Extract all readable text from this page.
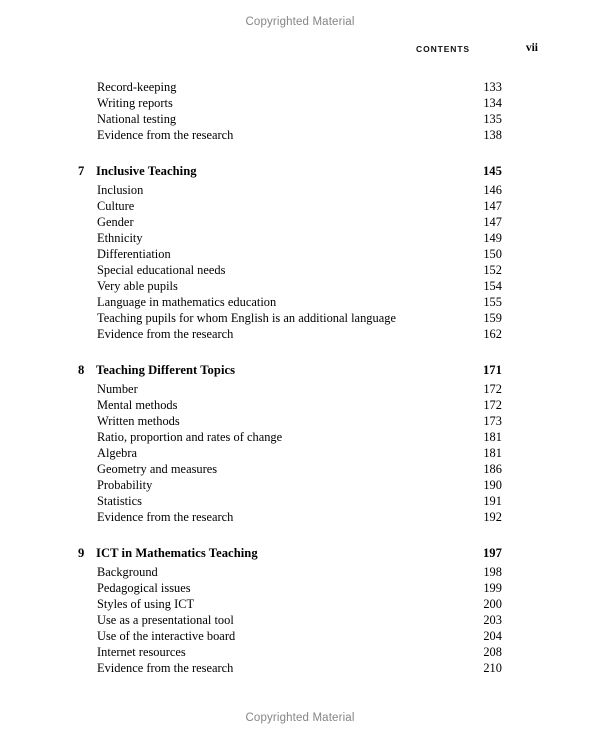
Copyrighted Material
CONTENTS	vii
Record-keeping	133
Writing reports	134
National testing	135
Evidence from the research	138
7 Inclusive Teaching	145
Inclusion	146
Culture	147
Gender	147
Ethnicity	149
Differentiation	150
Special educational needs	152
Very able pupils	154
Language in mathematics education	155
Teaching pupils for whom English is an additional language	159
Evidence from the research	162
8 Teaching Different Topics	171
Number	172
Mental methods	172
Written methods	173
Ratio, proportion and rates of change	181
Algebra	181
Geometry and measures	186
Probability	190
Statistics	191
Evidence from the research	192
9 ICT in Mathematics Teaching	197
Background	198
Pedagogical issues	199
Styles of using ICT	200
Use as a presentational tool	203
Use of the interactive board	204
Internet resources	208
Evidence from the research	210
Copyrighted Material
